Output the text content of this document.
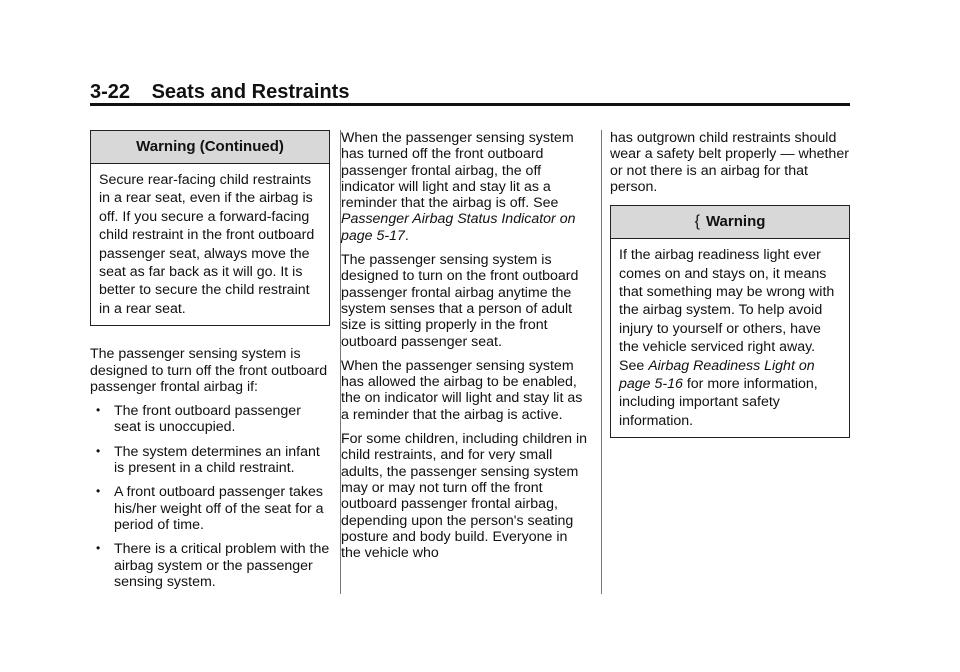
3-22 Seats and Restraints
Warning (Continued)
Secure rear-facing child restraints in a rear seat, even if the airbag is off. If you secure a forward-facing child restraint in the front outboard passenger seat, always move the seat as far back as it will go. It is better to secure the child restraint in a rear seat.

The passenger sensing system is designed to turn off the front outboard passenger frontal airbag if:

• The front outboard passenger seat is unoccupied.
• The system determines an infant is present in a child restraint.
• A front outboard passenger takes his/her weight off of the seat for a period of time.
• There is a critical problem with the airbag system or the passenger sensing system.

When the passenger sensing system has turned off the front outboard passenger frontal airbag, the off indicator will light and stay lit as a reminder that the airbag is off. See Passenger Airbag Status Indicator on page 5-17.

The passenger sensing system is designed to turn on the front outboard passenger frontal airbag anytime the system senses that a person of adult size is sitting properly in the front outboard passenger seat.

When the passenger sensing system has allowed the airbag to be enabled, the on indicator will light and stay lit as a reminder that the airbag is active.

For some children, including children in child restraints, and for very small adults, the passenger sensing system may or may not turn off the front outboard passenger frontal airbag, depending upon the person's seating posture and body build. Everyone in the vehicle who

has outgrown child restraints should wear a safety belt properly — whether or not there is an airbag for that person.

{ Warning
If the airbag readiness light ever comes on and stays on, it means that something may be wrong with the airbag system. To help avoid injury to yourself or others, have the vehicle serviced right away. See Airbag Readiness Light on page 5-16 for more information, including important safety information.
